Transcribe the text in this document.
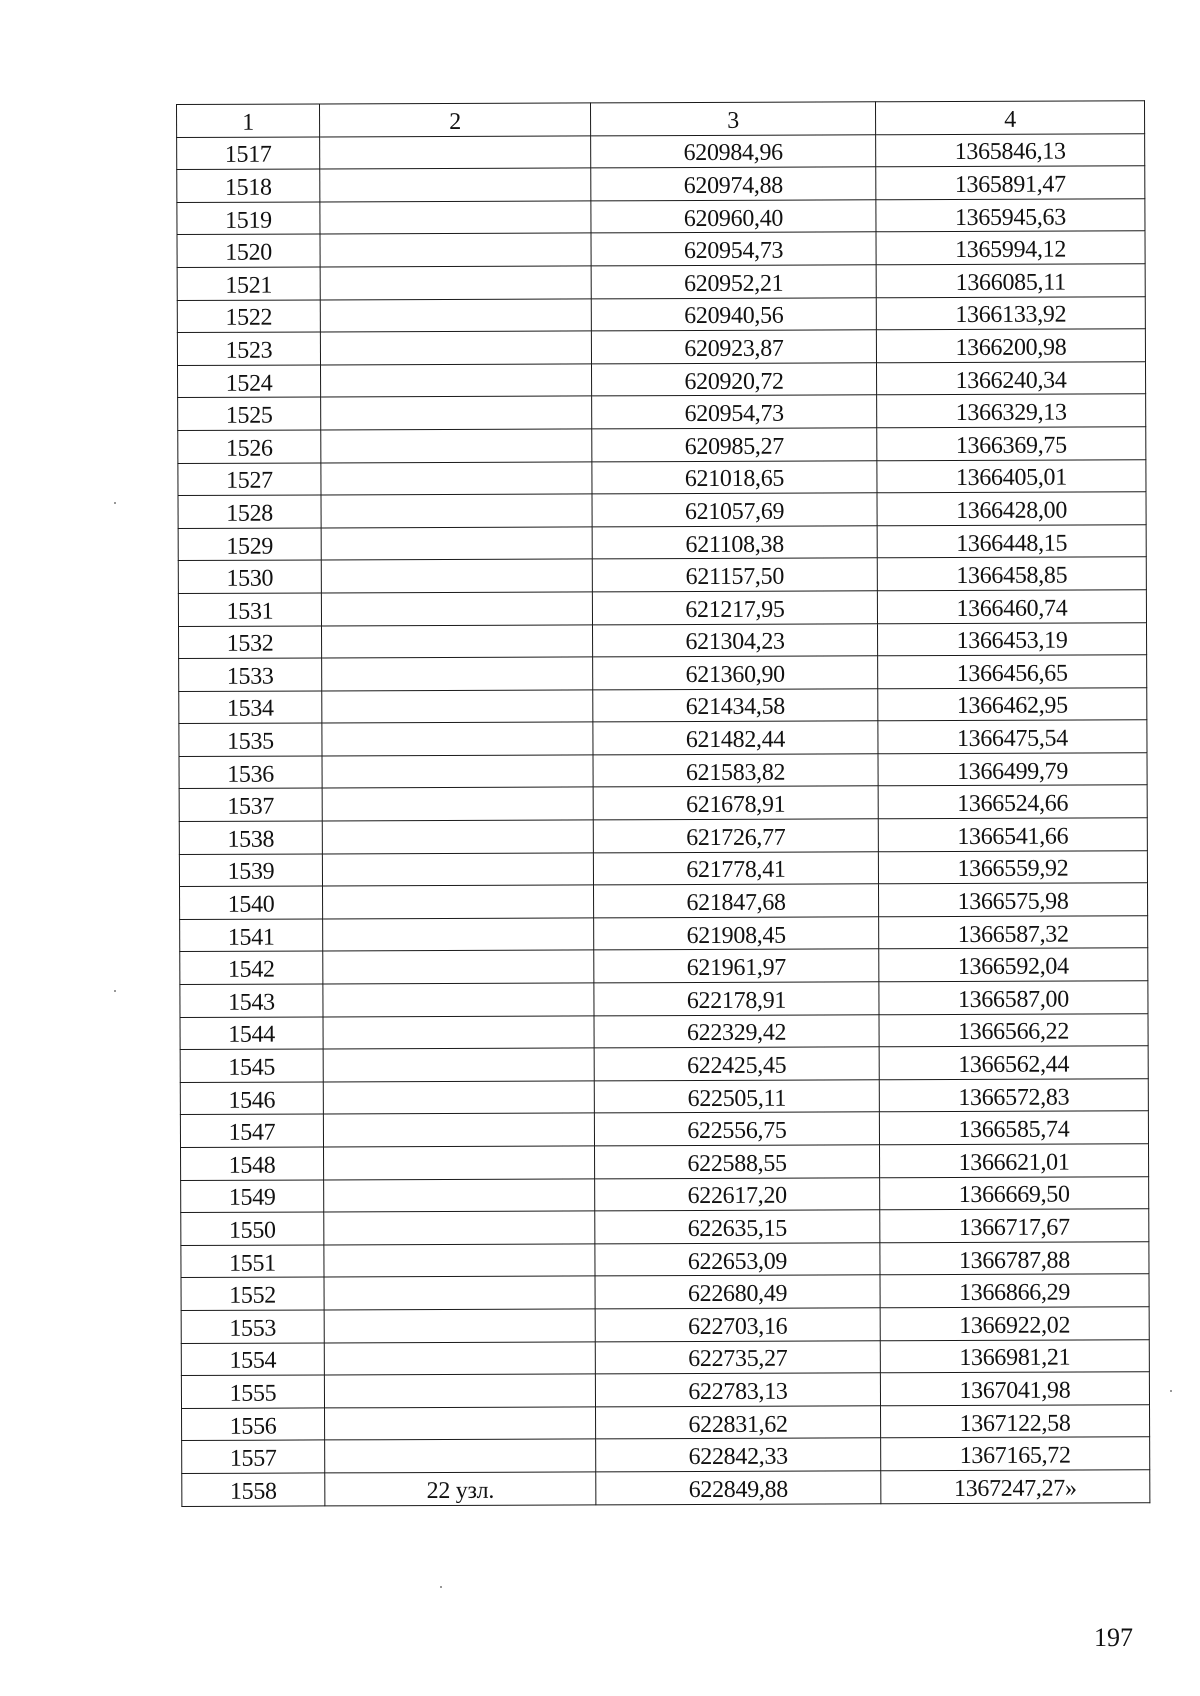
1	2	3	4
1517		620984,96	1365846,13
1518		620974,88	1365891,47
1519		620960,40	1365945,63
1520		620954,73	1365994,12
1521		620952,21	1366085,11
1522		620940,56	1366133,92
1523		620923,87	1366200,98
1524		620920,72	1366240,34
1525		620954,73	1366329,13
1526		620985,27	1366369,75
1527		621018,65	1366405,01
1528		621057,69	1366428,00
1529		621108,38	1366448,15
1530		621157,50	1366458,85
1531		621217,95	1366460,74
1532		621304,23	1366453,19
1533		621360,90	1366456,65
1534		621434,58	1366462,95
1535		621482,44	1366475,54
1536		621583,82	1366499,79
1537		621678,91	1366524,66
1538		621726,77	1366541,66
1539		621778,41	1366559,92
1540		621847,68	1366575,98
1541		621908,45	1366587,32
1542		621961,97	1366592,04
1543		622178,91	1366587,00
1544		622329,42	1366566,22
1545		622425,45	1366562,44
1546		622505,11	1366572,83
1547		622556,75	1366585,74
1548		622588,55	1366621,01
1549		622617,20	1366669,50
1550		622635,15	1366717,67
1551		622653,09	1366787,88
1552		622680,49	1366866,29
1553		622703,16	1366922,02
1554		622735,27	1366981,21
1555		622783,13	1367041,98
1556		622831,62	1367122,58
1557		622842,33	1367165,72
1558	22 узл.	622849,88	1367247,27»
197
